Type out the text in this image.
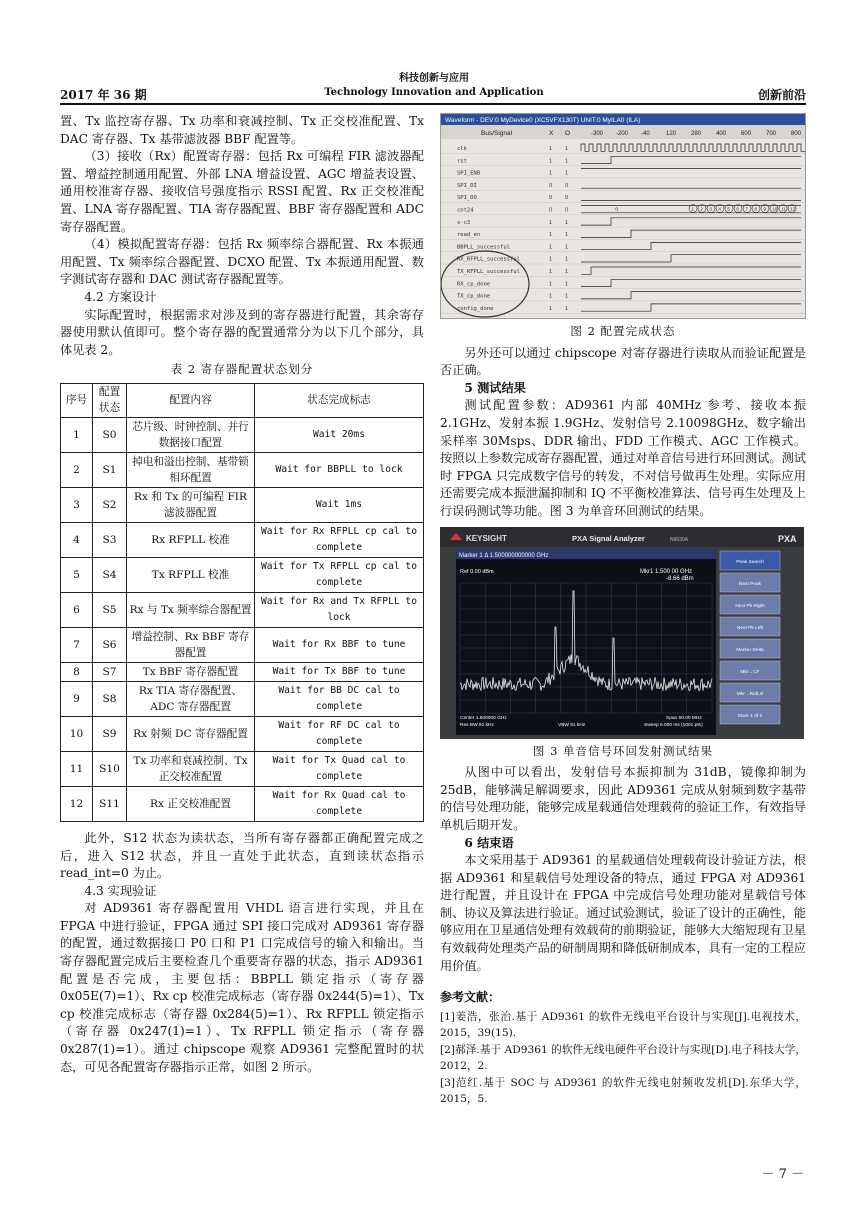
2017 年 36 期
科技创新与应用
Technology Innovation and Application	创新前沿

置、Tx 监控寄存器、Tx 功率和衰减控制、Tx 正交校准配置、Tx DAC 寄存器、Tx 基带滤波器 BBF 配置等。

（3）接收（Rx）配置寄存器：包括 Rx 可编程 FIR 滤波器配置、增益控制通用配置、外部 LNA 增益设置、AGC 增益表设置、通用校准寄存器、接收信号强度指示 RSSI 配置、Rx 正交校准配置、LNA 寄存器配置、TIA 寄存器配置、BBF 寄存器配置和 ADC 寄存器配置。

（4）模拟配置寄存器：包括 Rx 频率综合器配置、Rx 本振通用配置、Tx 频率综合器配置、DCXO 配置、Tx 本振通用配置、数字测试寄存器和 DAC 测试寄存器配置等。

4.2 方案设计

实际配置时，根据需求对涉及到的寄存器进行配置，其余寄存器使用默认值即可。整个寄存器的配置通常分为以下几个部分，具体见表 2。

表 2 寄存器配置状态划分
序号	配置状态	配置内容	状态完成标志
1	S0	芯片级、时钟控制、并行数据接口配置	Wait 20ms
2	S1	掉电和溢出控制、基带锁相环配置	Wait for BBPLL to lock
3	S2	Rx 和 Tx 的可编程 FIR 滤波器配置	Wait 1ms
4	S3	Rx RFPLL 校准	Wait for Rx RFPLL cp cal to complete
5	S4	Tx RFPLL 校准	Wait for Tx RFPLL cp cal to complete
6	S5	Rx 与 Tx 频率综合器配置	Wait for Rx and Tx RFPLL to lock
7	S6	增益控制、Rx BBF 寄存器配置	Wait for Rx BBF to tune
8	S7	Tx BBF 寄存器配置	Wait for Tx BBF to tune
9	S8	Rx TIA 寄存器配置、ADC 寄存器配置	Wait for BB DC cal to complete
10	S9	Rx 射频 DC 寄存器配置	Wait for RF DC cal to complete
11	S10	Tx 功率和衰减控制、Tx 正交校准配置	Wait for Tx Quad cal to complete
12	S11	Rx 正交校准配置	Wait for Rx Quad cal to complete

此外，S12 状态为读状态，当所有寄存器都正确配置完成之后，进入 S12 状态，并且一直处于此状态，直到读状态指示 read_int=0 为止。

4.3 实现验证

对 AD9361 寄存器配置用 VHDL 语言进行实现，并且在 FPGA 中进行验证，FPGA 通过 SPI 接口完成对 AD9361 寄存器的配置，通过数据接口 P0 口和 P1 口完成信号的输入和输出。当寄存器配置完成后主要检查几个重要寄存器的状态，指示 AD9361 配置是否完成，主要包括：BBPLL 锁定指示（寄存器 0x05E(7)=1）、Rx cp 校准完成标志（寄存器 0x244(5)=1）、Tx cp 校准完成标志（寄存器 0x284(5)=1）、Rx RFPLL 锁定指示（寄存器 0x247(1)=1）、Tx RFPLL 锁定指示（寄存器 0x287(1)=1）。通过 chipscope 观察 AD9361 完整配置时的状态，可见各配置寄存器指示正常，如图 2 所示。

Waveform - DEV:0 MyDevice0 (XC5VFX130T) UNIT:0 MyILA0 (ILA)
Bus/Signal	X O	-300 -200 -40	120 280 400 600 700 800
clk	1 1
rst	1 1
SPI_ENB	1 1
SPI_DI	0 0
SPI_DO	0 0
cnt24	0 0
s-c3	1 1
read_en	1 1
BBPLL_successful	1 1
RX_RFPLL_successful	1 1
TX_RFPLL_successful	1 1
RX_cp_done	1 1
TX_cp_done	1 1
config_done	1 1
0	1 2 3 4 5 6 7 8 9 10 11 12
图 2 配置完成状态

另外还可以通过 chipscope 对寄存器进行读取从而验证配置是否正确。

5 测试结果

测试配置参数：AD9361 内部 40MHz 参考、接收本振 2.1GHz、发射本振 1.9GHz、发射信号 2.10098GHz、数字输出采样率 30Msps、DDR 输出、FDD 工作模式、AGC 工作模式。按照以上参数完成寄存器配置，通过对单音信号进行环回测试。测试时 FPGA 只完成数字信号的转发，不对信号做再生处理。实际应用还需要完成本振泄漏抑制和 IQ 不平衡校准算法、信号再生处理及上行误码测试等功能。图 3 为单音环回测试的结果。

KEYSIGHT	PXA Signal Analyzer	N9030A	PXA
Marker 1 Δ 1.500000000000 GHz
Ref 0.00 dBm	Mkr1 1.500 00 GHz
-8.66 dBm
Center 1.500000 GHz
Res BW 91 kHz	VBW 91 kHz
Span 60.00 MHz
Sweep 6.000 ms (1001 pts)
Peak Search
Next Peak
Next Pk Right
Next Pk Left
Marker Delta
Mkr→CF
Mkr→RefLvl
More 1 of 2
图 3 单音信号环回发射测试结果

从图中可以看出，发射信号本振抑制为 31dB，镜像抑制为 25dB，能够满足解调要求，因此 AD9361 完成从射频到数字基带的信号处理功能，能够完成星载通信处理载荷的验证工作，有效指导单机后期开发。

6 结束语

本文采用基于 AD9361 的星载通信处理载荷设计验证方法，根据 AD9361 和星载信号处理设备的特点，通过 FPGA 对 AD9361 进行配置，并且设计在 FPGA 中完成信号处理功能对星载信号体制、协议及算法进行验证。通过试验测试，验证了设计的正确性，能够应用在卫星通信处理有效载荷的前期验证，能够大大缩短现有卫星有效载荷处理类产品的研制周期和降低研制成本，具有一定的工程应用价值。

参考文献：
[1]姜浩，张治.基于 AD9361 的软件无线电平台设计与实现[J].电视技术，2015，39(15).
[2]郝泽.基于 AD9361 的软件无线电硬件平台设计与实现[D].电子科技大学，2012，2.
[3]范红.基于 SOC 与 AD9361 的软件无线电射频收发机[D].东华大学，2015，5.
－ 7 －
